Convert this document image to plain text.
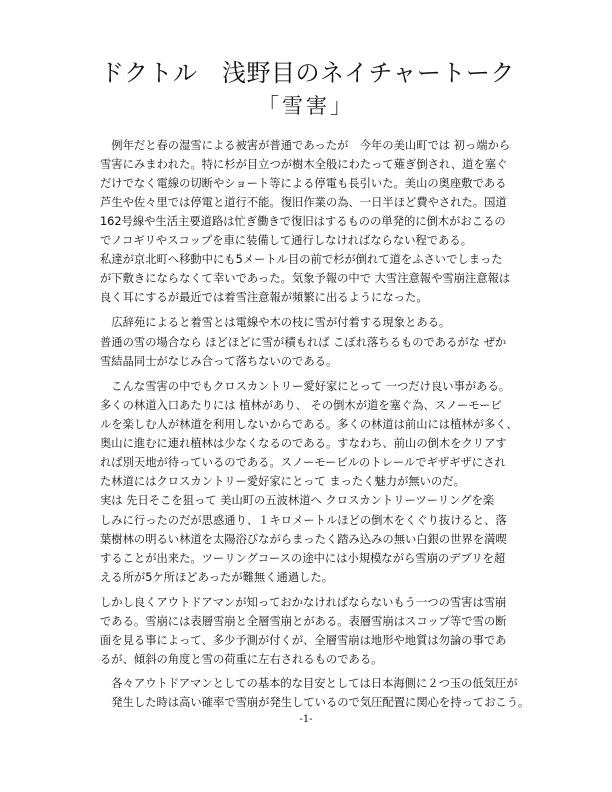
ドクトル　浅野目のネイチャートーク
「雪害」
　例年だと春の湿雪による被害が普通であったが　今年の美山町では 初っ端から
雪害にみまわれた。特に杉が目立つが樹木全般にわたって薙ぎ倒され、道を塞ぐ
だけでなく電線の切断やショート等による停電も長引いた。美山の奥座敷である
芦生や佐々里では停電と道行不能。復旧作業の為、一日半ほど費やされた。国道
162号線や生活主要道路は忙ぎ働きで復旧はするものの単発的に倒木がおこるの
でノコギリやスコップを車に装備して通行しなければならない程である。
私達が京北町へ移動中にも5メートル目の前で杉が倒れて道をふさいでしまった
が下敷きにならなくて幸いであった。気象予報の中で 大雪注意報や雪崩注意報は
良く耳にするが最近では着雪注意報が頻繁に出るようになった。
　広辞苑によると着雪とは電線や木の枝に雪が付着する現象とある。
普通の雪の場合なら ほどほどに雪が積もれば こぼれ落ちるものであるがな ぜか
雪結晶同士がなじみ合って落ちないのである。
　こんな雪害の中でもクロスカントリー愛好家にとって 一つだけ良い事がある。
多くの林道入口あたりには 植林があり、 その倒木が道を塞ぐ為、スノーモービ
ルを楽しむ人が林道を利用しないからである。多くの林道は前山には植林が多く、
奥山に進むに連れ植林は少なくなるのである。すなわち、前山の倒木をクリアす
れば別天地が待っているのである。スノーモービルのトレールでギザギザにされ
た林道にはクロスカントリー愛好家にとって まったく魅力が無いのだ。
実は 先日そこを狙って 美山町の五波林道へ クロスカントリーツーリングを楽
しみに行ったのだが思惑通り、１キロメートルほどの倒木をくぐり抜けると、落
葉樹林の明るい林道を太陽浴びながらまったく踏み込みの無い白銀の世界を満喫
することが出来た。ツーリングコースの途中には小規模ながら雪崩のデブリを超
える所が5ケ所ほどあったが難無く通過した。
しかし良くアウトドアマンが知っておかなければならないもう一つの雪害は雪崩
である。雪崩には表層雪崩と全層雪崩とがある。表層雪崩はスコップ等で雪の断
面を見る事によって、多少予測が付くが、全層雪崩は地形や地質は勿論の事であ
るが、傾斜の角度と雪の荷重に左右されるものである。
　各々アウトドアマンとしての基本的な目安としては日本海側に２つ玉の低気圧が
　発生した時は高い確率で雪崩が発生しているので気圧配置に関心を持っておこう。
-1-
